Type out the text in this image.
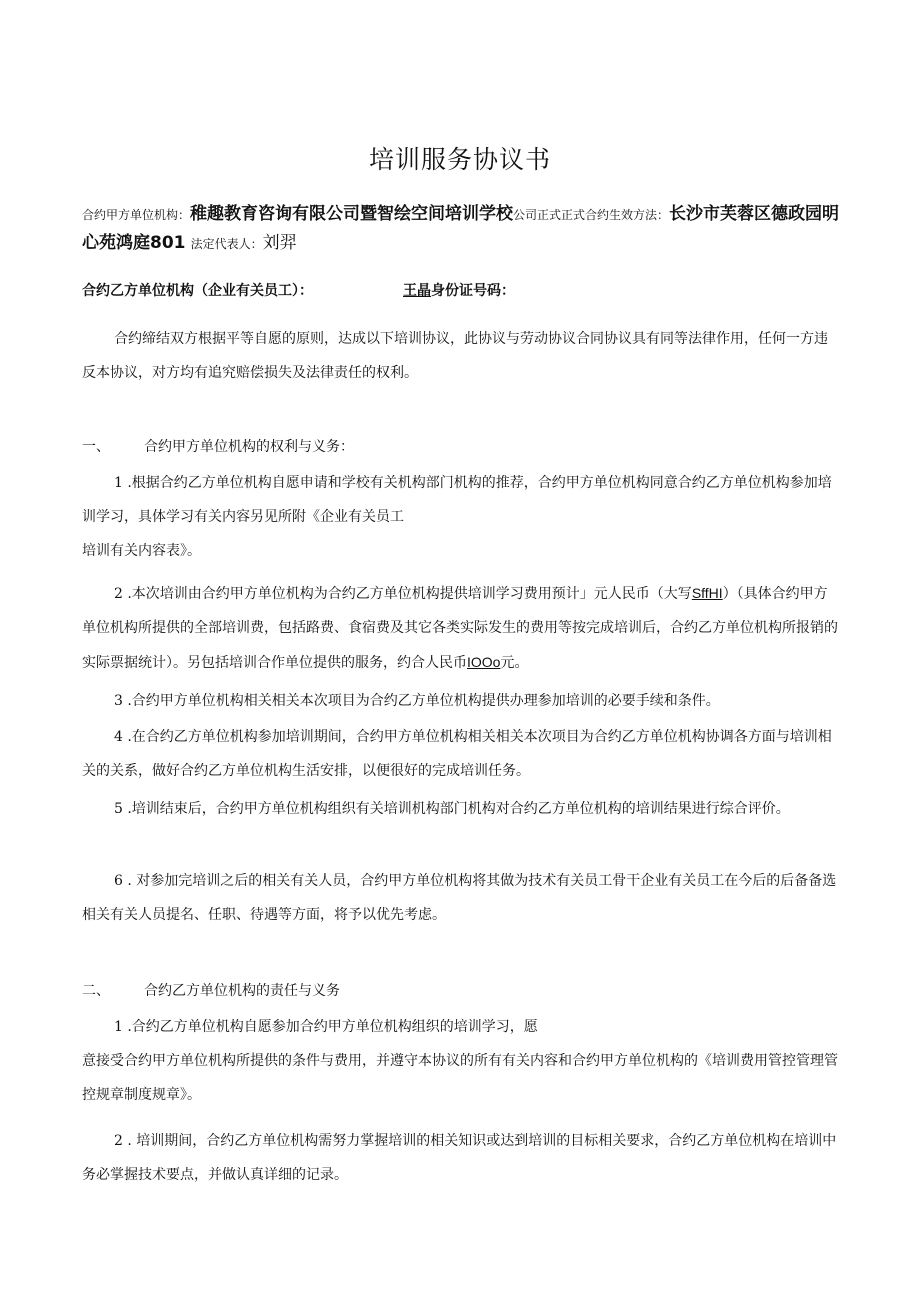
培训服务协议书
合约甲方单位机构：稚趣教育咨询有限公司暨智绘空间培训学校公司正式正式合约生效方法：长沙市芙蓉区德政园明心苑鸿庭801 法定代表人：刘羿
合约乙方单位机构（企业有关员工）：	王晶身份证号码：
合约缔结双方根据平等自愿的原则，达成以下培训协议，此协议与劳动协议合同协议具有同等法律作用，任何一方违反本协议，对方均有追究赔偿损失及法律责任的权利。
一、 合约甲方单位机构的权利与义务：
1 .根据合约乙方单位机构自愿申请和学校有关机构部门机构的推荐，合约甲方单位机构同意合约乙方单位机构参加培训学习，具体学习有关内容另见所附《企业有关员工
培训有关内容表》。
2 .本次培训由合约甲方单位机构为合约乙方单位机构提供培训学习费用预计」元人民币（大写SffHI）（具体合约甲方单位机构所提供的全部培训费，包括路费、食宿费及其它各类实际发生的费用等按完成培训后，合约乙方单位机构所报销的实际票据统计）。另包括培训合作单位提供的服务，约合人民币IOOo元。
3 .合约甲方单位机构相关相关本次项目为合约乙方单位机构提供办理参加培训的必要手续和条件。
4 .在合约乙方单位机构参加培训期间，合约甲方单位机构相关相关本次项目为合约乙方单位机构协调各方面与培训相关的关系，做好合约乙方单位机构生活安排，以便很好的完成培训任务。
5 .培训结束后，合约甲方单位机构组织有关培训机构部门机构对合约乙方单位机构的培训结果进行综合评价。
6 . 对参加完培训之后的相关有关人员，合约甲方单位机构将其做为技术有关员工骨干企业有关员工在今后的后备备选相关有关人员提名、任职、待遇等方面，将予以优先考虑。
二、 合约乙方单位机构的责任与义务
1 .合约乙方单位机构自愿参加合约甲方单位机构组织的培训学习，愿
意接受合约甲方单位机构所提供的条件与费用，并遵守本协议的所有有关内容和合约甲方单位机构的《培训费用管控管理管控规章制度规章》。
2 . 培训期间，合约乙方单位机构需努力掌握培训的相关知识或达到培训的目标相关要求，合约乙方单位机构在培训中务必掌握技术要点，并做认真详细的记录。
